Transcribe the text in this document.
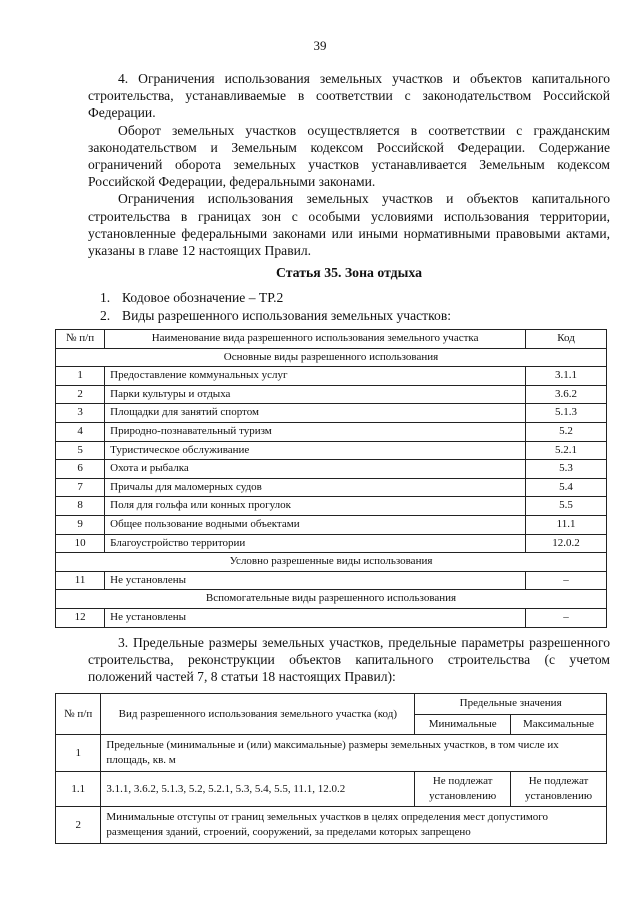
39

4. Ограничения использования земельных участков и объектов капитального строительства, устанавливаемые в соответствии с законодательством Российской Федерации.

Оборот земельных участков осуществляется в соответствии с гражданским законодательством и Земельным кодексом Российской Федерации. Содержание ограничений оборота земельных участков устанавливается Земельным кодексом Российской Федерации, федеральными законами.

Ограничения использования земельных участков и объектов капитального строительства в границах зон с особыми условиями использования территории, установленные федеральными законами или иными нормативными правовыми актами, указаны в главе 12 настоящих Правил.

Статья 35. Зона отдыха
1. Кодовое обозначение – ТР.2
2. Виды разрешенного использования земельных участков:
№ п/п	Наименование вида разрешенного использования земельного участка	Код
Основные виды разрешенного использования		
1	Предоставление коммунальных услуг	3.1.1
2	Парки культуры и отдыха	3.6.2
3	Площадки для занятий спортом	5.1.3
4	Природно-познавательный туризм	5.2
5	Туристическое обслуживание	5.2.1
6	Охота и рыбалка	5.3
7	Причалы для маломерных судов	5.4
8	Поля для гольфа или конных прогулок	5.5
9	Общее пользование водными объектами	11.1
10	Благоустройство территории	12.0.2
Условно разрешенные виды использования		
11	Не установлены	–
Вспомогательные виды разрешенного использования		
12	Не установлены	–

3. Предельные размеры земельных участков, предельные параметры разрешенного строительства, реконструкции объектов капитального строительства (с учетом положений частей 7, 8 статьи 18 настоящих Правил):

№ п/п	Вид разрешенного использования земельного участка (код)	Предельные значения	
		Минимальные	Максимальные
1	Предельные (минимальные и (или) максимальные) размеры земельных участков, в том числе их площадь, кв. м		
1.1	3.1.1, 3.6.2, 5.1.3, 5.2, 5.2.1, 5.3, 5.4, 5.5, 11.1, 12.0.2	Не подлежат установлению	Не подлежат установлению
2	Минимальные отступы от границ земельных участков в целях определения мест допустимого размещения зданий, строений, сооружений, за пределами которых запрещено		
